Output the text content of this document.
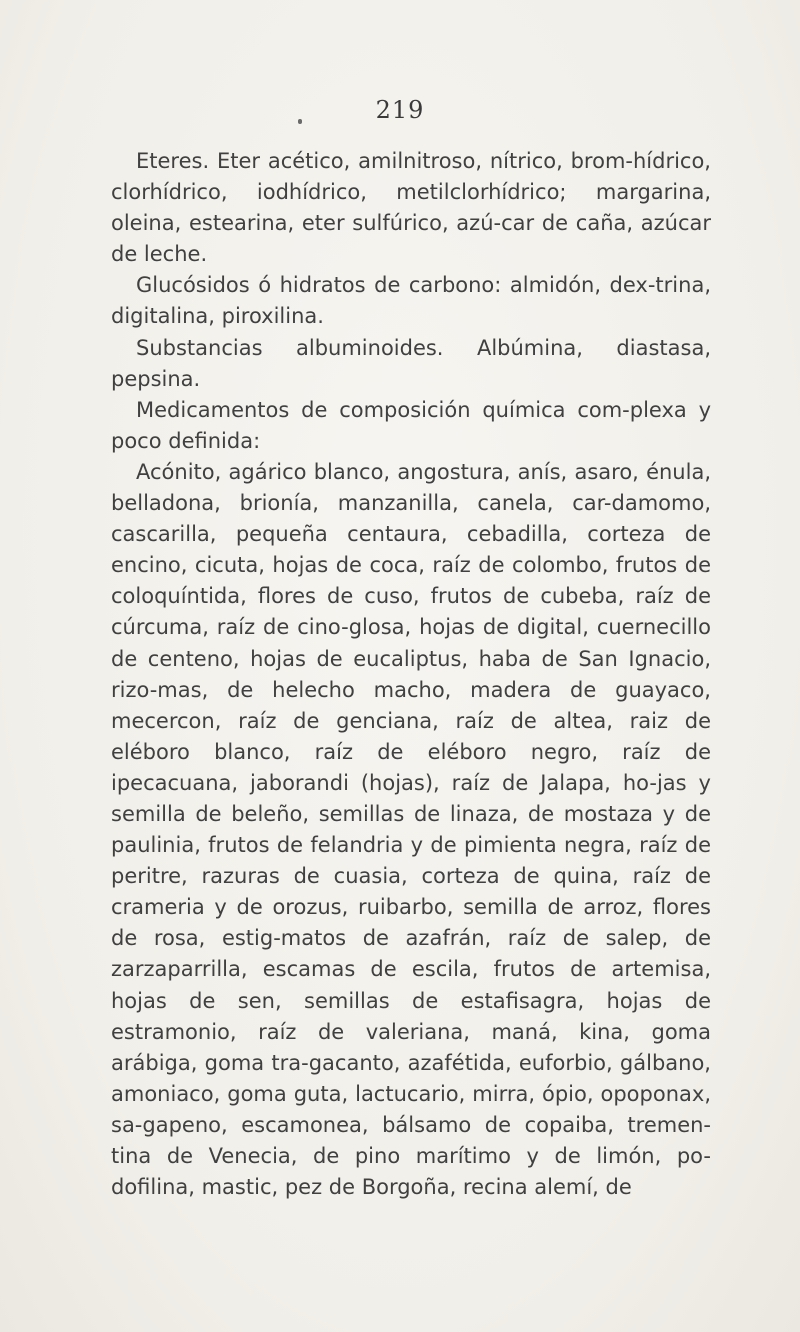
219

Eteres. Eter acético, amilnitroso, nítrico, brom-hídrico, clorhídrico, iodhídrico, metilclorhídrico; margarina, oleina, estearina, eter sulfúrico, azú-car de caña, azúcar de leche.

Glucósidos ó hidratos de carbono: almidón, dex-trina, digitalina, piroxilina.

Substancias albuminoides. Albúmina, diastasa, pepsina.

Medicamentos de composición química com-plexa y poco definida:

Acónito, agárico blanco, angostura, anís, asaro, énula, belladona, brionía, manzanilla, canela, car-damomo, cascarilla, pequeña centaura, cebadilla, corteza de encino, cicuta, hojas de coca, raíz de colombo, frutos de coloquíntida, flores de cuso, frutos de cubeba, raíz de cúrcuma, raíz de cino-glosa, hojas de digital, cuernecillo de centeno, hojas de eucaliptus, haba de San Ignacio, rizo-mas, de helecho macho, madera de guayaco, mecercon, raíz de genciana, raíz de altea, raiz de eléboro blanco, raíz de eléboro negro, raíz de ipecacuana, jaborandi (hojas), raíz de Jalapa, ho-jas y semilla de beleño, semillas de linaza, de mostaza y de paulinia, frutos de felandria y de pimienta negra, raíz de peritre, razuras de cuasia, corteza de quina, raíz de crameria y de orozus, ruibarbo, semilla de arroz, flores de rosa, estig-matos de azafrán, raíz de salep, de zarzaparrilla, escamas de escila, frutos de artemisa, hojas de sen, semillas de estafisagra, hojas de estramonio, raíz de valeriana, maná, kina, goma arábiga, goma tra-gacanto, azafétida, euforbio, gálbano, amoniaco, goma guta, lactucario, mirra, ópio, opoponax, sa-gapeno, escamonea, bálsamo de copaiba, tremen-tina de Venecia, de pino marítimo y de limón, po-dofilina, mastic, pez de Borgoña, recina alemí, de
